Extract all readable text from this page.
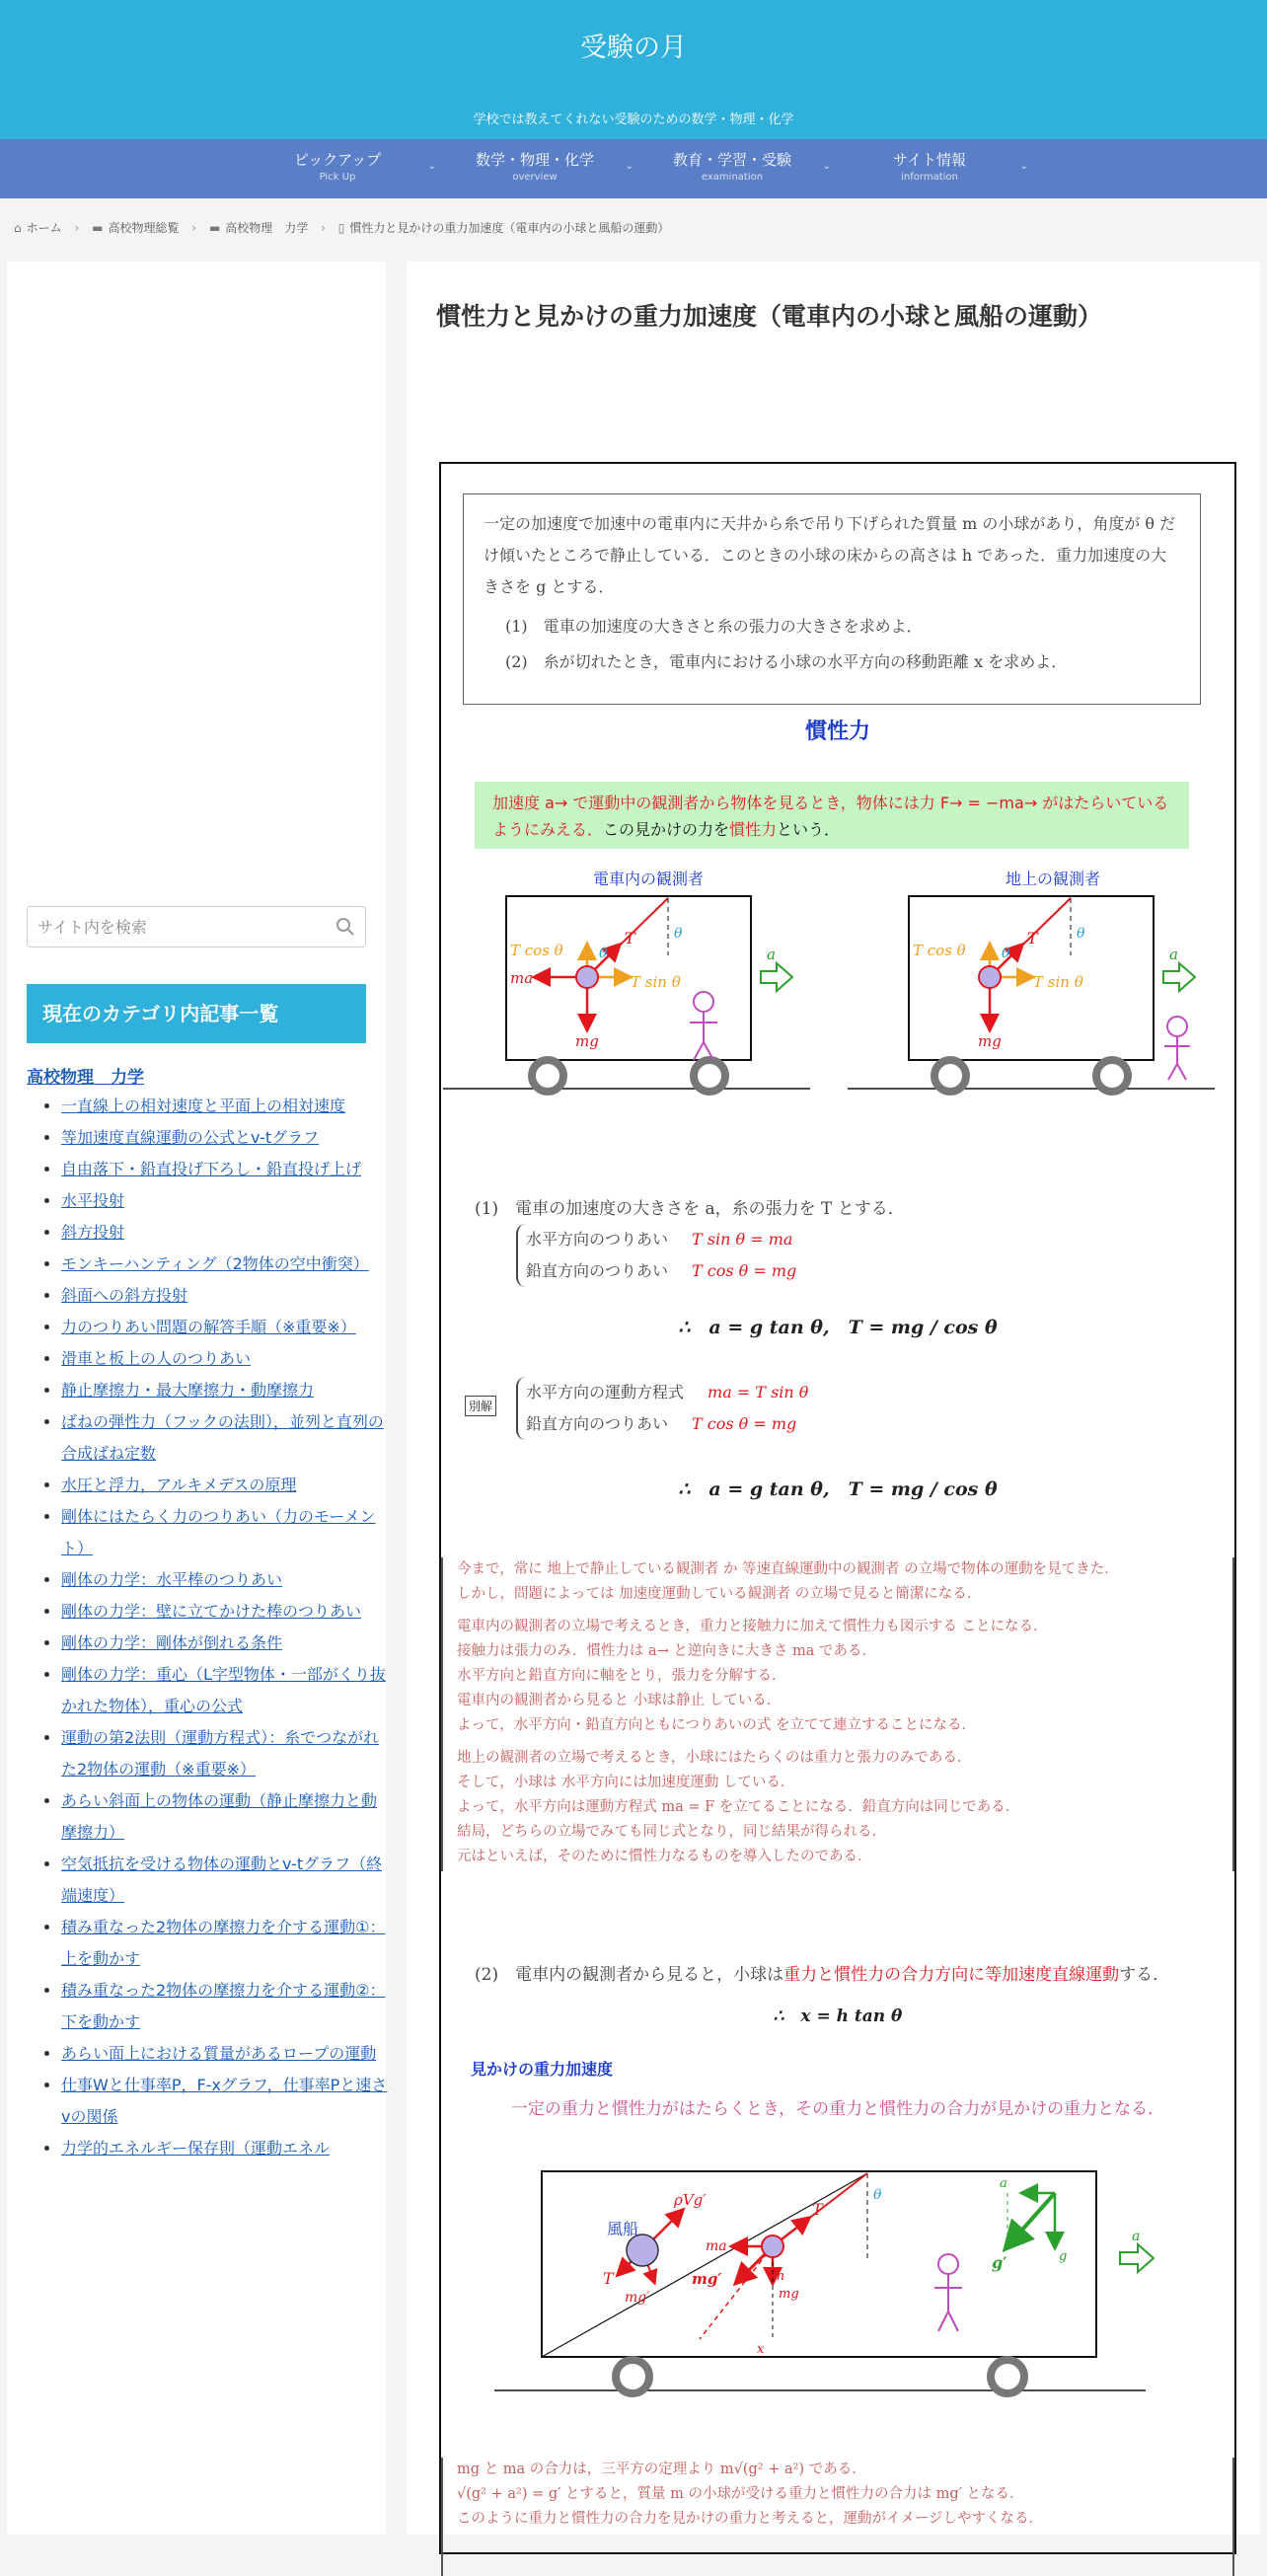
受験の月
学校では教えてくれない受験のための数学・物理・化学
ピックアップ
Pick Up
⌄	数学・物理・化学
overview
⌄	教育・学習・受験
examination
⌄	サイト情報
information
⌄
⌂ ホーム › ▬ 高校物理総覧 › ▬ 高校物理　力学 › ▯ 慣性力と見かけの重力加速度（電車内の小球と風船の運動）
サイト内を検索
現在のカテゴリ内記事一覧
高校物理　力学
• 一直線上の相対速度と平面上の相対速度
• 等加速度直線運動の公式とv-tグラフ
• 自由落下・鉛直投げ下ろし・鉛直投げ上げ
• 水平投射
• 斜方投射
• モンキーハンティング（2物体の空中衝突）
• 斜面への斜方投射
• 力のつりあい問題の解答手順（※重要※）
• 滑車と板上の人のつりあい
• 静止摩擦力・最大摩擦力・動摩擦力
• ばねの弾性力（フックの法則），並列と直列の合成ばね定数
• 水圧と浮力，アルキメデスの原理
• 剛体にはたらく力のつりあい（力のモーメント）
• 剛体の力学：水平棒のつりあい
• 剛体の力学：壁に立てかけた棒のつりあい
• 剛体の力学：剛体が倒れる条件
• 剛体の力学：重心（L字型物体・一部がくり抜かれた物体），重心の公式
• 運動の第2法則（運動方程式）：糸でつながれた2物体の運動（※重要※）
• あらい斜面上の物体の運動（静止摩擦力と動摩擦力）
• 空気抵抗を受ける物体の運動とv-tグラフ（終端速度）
• 積み重なった2物体の摩擦力を介する運動①：上を動かす
• 積み重なった2物体の摩擦力を介する運動②：下を動かす
• あらい面上における質量があるロープの運動
• 仕事Wと仕事率P，F-xグラフ，仕事率Pと速さvの関係
• 力学的エネルギー保存則（運動エネル
慣性力と見かけの重力加速度（電車内の小球と風船の運動）

一定の加速度で加速中の電車内に天井から糸で吊り下げられた質量 m の小球があり，角度が θ だけ傾いたところで静止している．このときの小球の床からの高さは h であった．重力加速度の大きさを g とする．

(1)　電車の加速度の大きさと糸の張力の大きさを求めよ．

(2)　糸が切れたとき，電車内における小球の水平方向の移動距離 x を求めよ．

慣性力
加速度 a→ で運動中の観測者から物体を見るとき，物体には力 F→ = −ma→ がはたらいているようにみえる．この見かけの力を慣性力という．
電車内の観測者	地上の観測者
T cos θ
T sin θ
T
θ
θ
ma
mg
a	T cos θ
T sin θ
T
θ
θ
mg
a
(1)　電車の加速度の大きさを a，糸の張力を T とする．
水平方向のつりあい T sin θ = ma
鉛直方向のつりあい T cos θ = mg
∴　a = g tan θ,　T = mg / cos θ
別解
水平方向の運動方程式 ma = T sin θ
鉛直方向のつりあい T cos θ = mg
∴　a = g tan θ,　T = mg / cos θ

今まで，常に 地上で静止している観測者 か 等速直線運動中の観測者 の立場で物体の運動を見てきた．

しかし，問題によっては 加速度運動している観測者 の立場で見ると簡潔になる．

電車内の観測者の立場で考えるとき，重力と接触力に加えて慣性力も図示する ことになる．

接触力は張力のみ．慣性力は a→ と逆向きに大きさ ma である．

水平方向と鉛直方向に軸をとり，張力を分解する．

電車内の観測者から見ると 小球は静止 している．

よって，水平方向・鉛直方向ともにつりあいの式 を立てて連立することになる．

地上の観測者の立場で考えるとき，小球にはたらくのは重力と張力のみである．

そして，小球は 水平方向には加速度運動 している．

よって，水平方向は運動方程式 ma = F を立てることになる．鉛直方向は同じである．

結局，どちらの立場でみても同じ式となり，同じ結果が得られる．

元はといえば，そのために慣性力なるものを導入したのである．

(2)　電車内の観測者から見ると，小球は重力と慣性力の合力方向に等加速度直線運動する．
∴　x = h tan θ
見かけの重力加速度
一定の重力と慣性力がはたらくとき，その重力と慣性力の合力が見かけの重力となる．
風船
ρVg′
T
mg′
T
ma
mg′
mg
h
x
θ
a
g
g′
a

mg と ma の合力は，三平方の定理より m√(g² + a²) である．

√(g² + a²) = g′ とすると，質量 m の小球が受ける重力と慣性力の合力は mg′ となる．

このように重力と慣性力の合力を見かけの重力と考えると，運動がイメージしやすくなる．
